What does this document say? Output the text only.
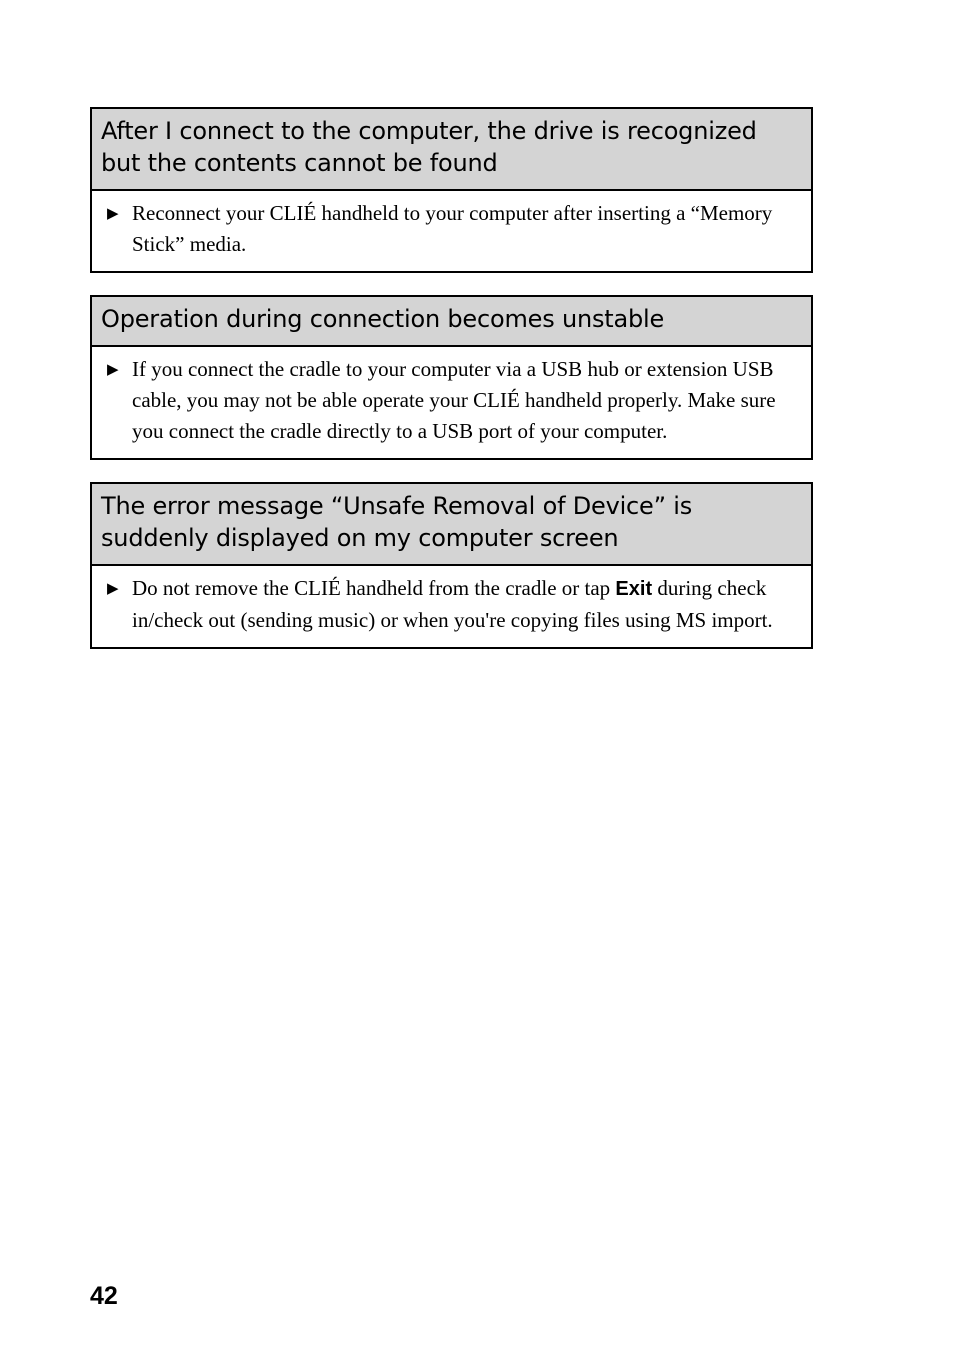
After I connect to the computer, the drive is recognized but the contents cannot be found
▶ Reconnect your CLIÉ handheld to your computer after inserting a “Memory Stick” media.
Operation during connection becomes unstable
▶ If you connect the cradle to your computer via a USB hub or extension USB cable, you may not be able operate your CLIÉ handheld properly. Make sure you connect the cradle directly to a USB port of your computer.
The error message “Unsafe Removal of Device” is suddenly displayed on my computer screen
▶ Do not remove the CLIÉ handheld from the cradle or tap Exit during check in/check out (sending music) or when you're copying files using MS import.
42
